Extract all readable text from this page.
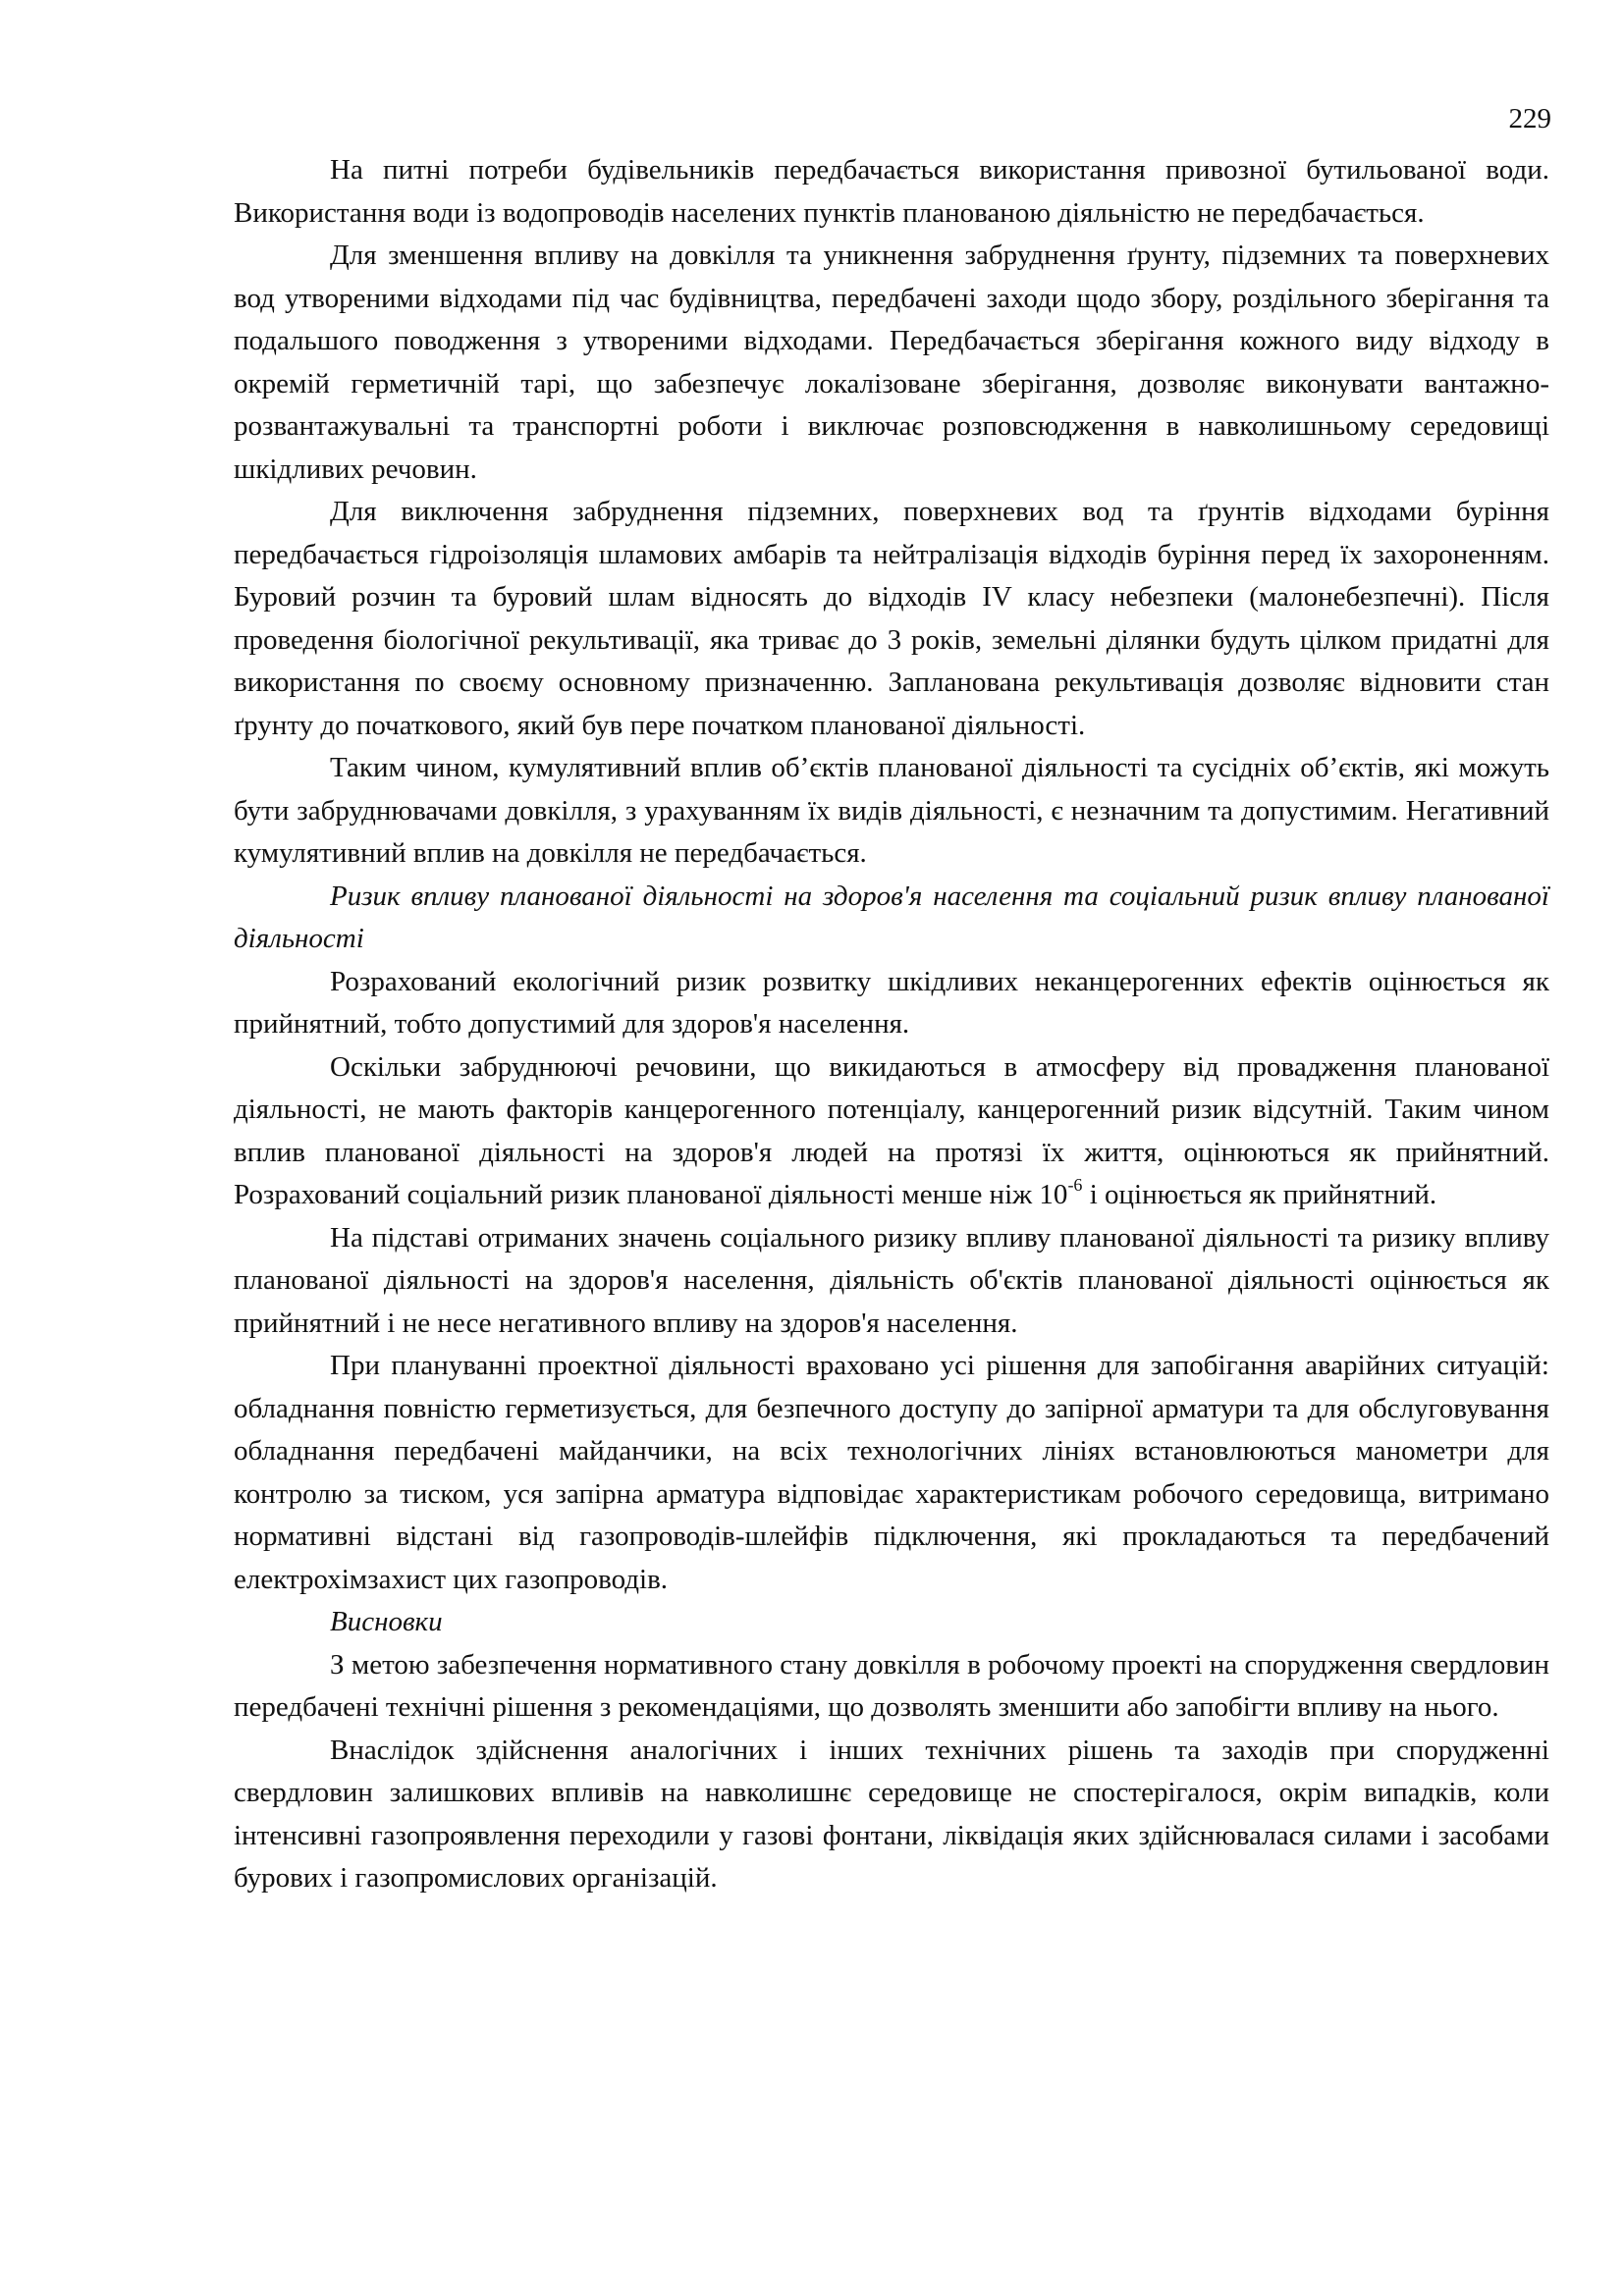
229

На питні потреби будівельників передбачається використання привозної бутильованої води. Використання води із водопроводів населених пунктів планованою діяльністю не передбачається.

Для зменшення впливу на довкілля та уникнення забруднення ґрунту, підземних та поверхневих вод утвореними відходами під час будівництва, передбачені заходи щодо збору, роздільного зберігання та подальшого поводження з утвореними відходами. Передбачається зберігання кожного виду відходу в окремій герметичній тарі, що забезпечує локалізоване зберігання, дозволяє виконувати вантажно-розвантажувальні та транспортні роботи і виключає розповсюдження в навколишньому середовищі шкідливих речовин.

Для виключення забруднення підземних, поверхневих вод та ґрунтів відходами буріння передбачається гідроізоляція шламових амбарів та нейтралізація відходів буріння перед їх захороненням. Буровий розчин та буровий шлам відносять до відходів IV класу небезпеки (малонебезпечні). Після проведення біологічної рекультивації, яка триває до 3 років, земельні ділянки будуть цілком придатні для використання по своєму основному призначенню. Запланована рекультивація дозволяє відновити стан ґрунту до початкового, який був пере початком планованої діяльності.

Таким чином, кумулятивний вплив об’єктів планованої діяльності та сусідніх об’єктів, які можуть бути забруднювачами довкілля, з урахуванням їх видів діяльності, є незначним та допустимим. Негативний кумулятивний вплив на довкілля не передбачається.

Ризик впливу планованої діяльності на здоров'я населення та соціальний ризик впливу планованої діяльності

Розрахований екологічний ризик розвитку шкідливих неканцерогенних ефектів оцінюється як прийнятний, тобто допустимий для здоров'я населення.

Оскільки забруднюючі речовини, що викидаються в атмосферу від провадження планованої діяльності, не мають факторів канцерогенного потенціалу, канцерогенний ризик відсутній. Таким чином вплив планованої діяльності на здоров'я людей на протязі їх життя, оцінюються як прийнятний. Розрахований соціальний ризик планованої діяльності менше ніж $10^{-6}$ і оцінюється як прийнятний.

На підставі отриманих значень соціального ризику впливу планованої діяльності та ризику впливу планованої діяльності на здоров'я населення, діяльність об'єктів планованої діяльності оцінюється як прийнятний і не несе негативного впливу на здоров'я населення.

При плануванні проектної діяльності враховано усі рішення для запобігання аварійних ситуацій: обладнання повністю герметизується, для безпечного доступу до запірної арматури та для обслуговування обладнання передбачені майданчики, на всіх технологічних лініях встановлюються манометри для контролю за тиском, уся запірна арматура відповідає характеристикам робочого середовища, витримано нормативні відстані від газопроводів-шлейфів підключення, які прокладаються та передбачений електрохімзахист цих газопроводів.

Висновки

З метою забезпечення нормативного стану довкілля в робочому проекті на спорудження свердловин передбачені технічні рішення з рекомендаціями, що дозволять зменшити або запобігти впливу на нього.

Внаслідок здійснення аналогічних і інших технічних рішень та заходів при спорудженні свердловин залишкових впливів на навколишнє середовище не спостерігалося, окрім випадків, коли інтенсивні газопроявлення переходили у газові фонтани, ліквідація яких здійснювалася силами і засобами бурових і газопромислових організацій.
